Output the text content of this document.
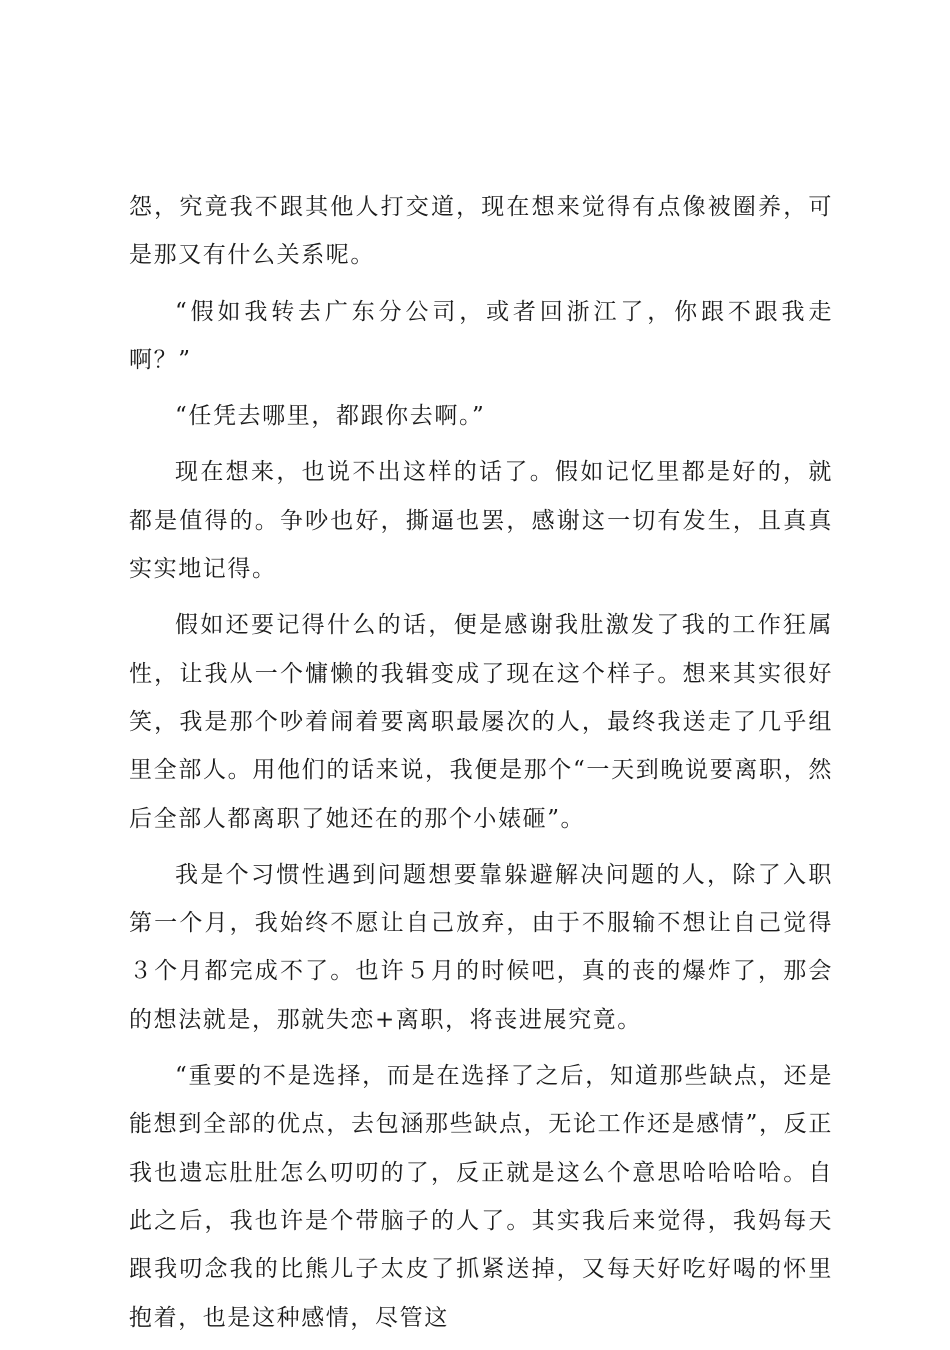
怨，究竟我不跟其他人打交道，现在想来觉得有点像被圈养，可是那又有什么关系呢。

“假如我转去广东分公司，或者回浙江了，你跟不跟我走啊？”

“任凭去哪里，都跟你去啊。”

现在想来，也说不出这样的话了。假如记忆里都是好的，就都是值得的。争吵也好，撕逼也罢，感谢这一切有发生，且真真实实地记得。

假如还要记得什么的话，便是感谢我肚激发了我的工作狂属性，让我从一个慵懒的我辑变成了现在这个样子。想来其实很好笑，我是那个吵着闹着要离职最屡次的人，最终我送走了几乎组里全部人。用他们的话来说，我便是那个“一天到晚说要离职，然后全部人都离职了她还在的那个小婊砸”。

我是个习惯性遇到问题想要靠躲避解决问题的人，除了入职第一个月，我始终不愿让自己放弃，由于不服输不想让自己觉得３个月都完成不了。也许５月的时候吧，真的丧的爆炸了，那会的想法就是，那就失恋+离职，将丧进展究竟。

“重要的不是选择，而是在选择了之后，知道那些缺点，还是能想到全部的优点，去包涵那些缺点，无论工作还是感情”，反正我也遗忘肚肚怎么叨叨的了，反正就是这么个意思哈哈哈哈。自此之后，我也许是个带脑子的人了。其实我后来觉得，我妈每天跟我叨念我的比熊儿子太皮了抓紧送掉，又每天好吃好喝的怀里抱着，也是这种感情，尽管这
